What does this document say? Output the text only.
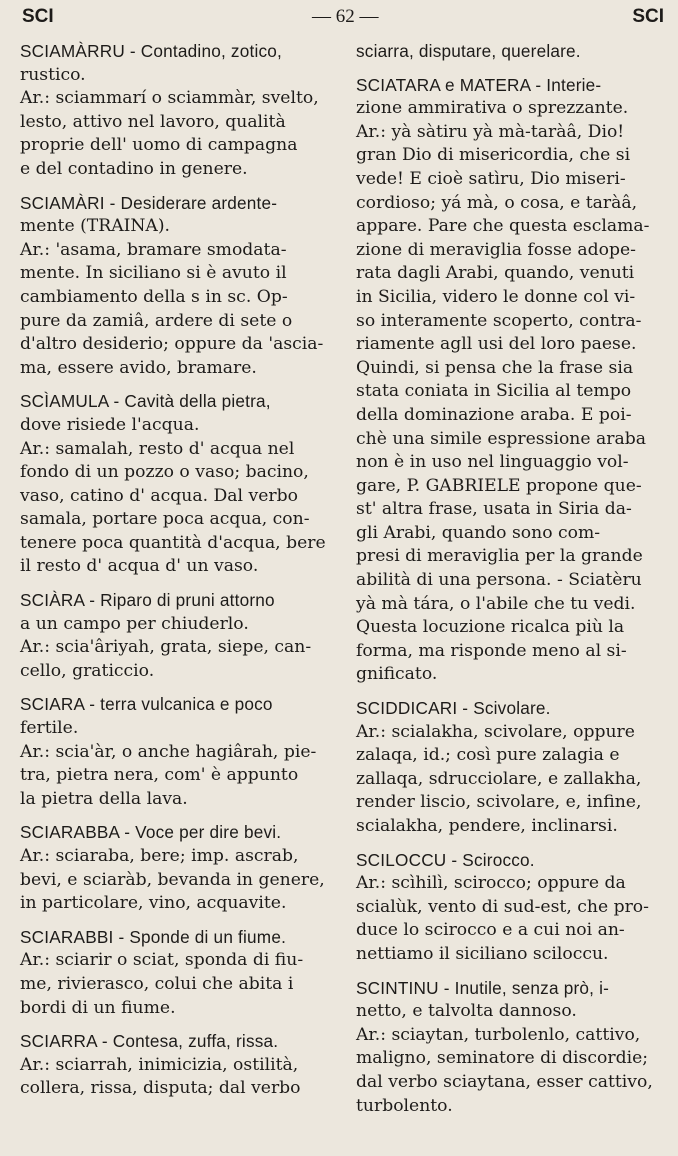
SCI	— 62 —	SCI
SCIAMÀRRU - Contadino, zotico,
rustico.
Ar.: sciammarí o sciammàr, svelto,
lesto, attivo nel lavoro, qualità
proprie dell' uomo di campagna
e del contadino in genere.
SCIAMÀRI - Desiderare ardente-
mente (TRAINA).
Ar.: 'asama, bramare smodata-
mente. In siciliano si è avuto il
cambiamento della s in sc. Op-
pure da zamiâ, ardere di sete o
d'altro desiderio; oppure da 'ascia-
ma, essere avido, bramare.
SCÌAMULA - Cavità della pietra,
dove risiede l'acqua.
Ar.: samalah, resto d' acqua nel
fondo di un pozzo o vaso; bacino,
vaso, catino d' acqua. Dal verbo
samala, portare poca acqua, con-
tenere poca quantità d'acqua, bere
il resto d' acqua d' un vaso.
SCIÀRA - Riparo di pruni attorno
a un campo per chiuderlo.
Ar.: scia'âriyah, grata, siepe, can-
cello, graticcio.
SCIARA - terra vulcanica e poco
fertile.
Ar.: scia'àr, o anche hagiârah, pie-
tra, pietra nera, com' è appunto
la pietra della lava.
SCIARABBA - Voce per dire bevi.
Ar.: sciaraba, bere; imp. ascrab,
bevi, e sciaràb, bevanda in genere,
in particolare, vino, acquavite.
SCIARABBI - Sponde di un fiume.
Ar.: sciarir o sciat, sponda di fiu-
me, rivierasco, colui che abita i
bordi di un fiume.
SCIARRA - Contesa, zuffa, rissa.
Ar.: sciarrah, inimicizia, ostilità,
collera, rissa, disputa; dal verbo
sciarra, disputare, querelare.
SCIATARA e MATERA - Interie-
zione ammirativa o sprezzante.
Ar.: yà sàtiru yà mà-taràâ, Dio!
gran Dio di misericordia, che si
vede! E cioè satìru, Dio miseri-
cordioso; yá mà, o cosa, e taràâ,
appare. Pare che questa esclama-
zione di meraviglia fosse adope-
rata dagli Arabi, quando, venuti
in Sicilia, videro le donne col vi-
so interamente scoperto, contra-
riamente agll usi del loro paese.
Quindi, si pensa che la frase sia
stata coniata in Sicilia al tempo
della dominazione araba. E poi-
chè una simile espressione araba
non è in uso nel linguaggio vol-
gare, P. GABRIELE propone que-
st' altra frase, usata in Siria da-
gli Arabi, quando sono com-
presi di meraviglia per la grande
abilità di una persona. - Sciatèru
yà mà tára, o l'abile che tu vedi.
Questa locuzione ricalca più la
forma, ma risponde meno al si-
gnificato.
SCIDDICARI - Scivolare.
Ar.: scialakha, scivolare, oppure
zalaqa, id.; così pure zalagia e
zallaqa, sdrucciolare, e zallakha,
render liscio, scivolare, e, infine,
scialakha, pendere, inclinarsi.
SCILOCCU - Scirocco.
Ar.: scìhilì, scirocco; oppure da
scialùk, vento di sud-est, che pro-
duce lo scirocco e a cui noi an-
nettiamo il siciliano sciloccu.
SCINTINU - Inutile, senza prò, i-
netto, e talvolta dannoso.
Ar.: sciaytan, turbolenlo, cattivo,
maligno, seminatore di discordie;
dal verbo sciaytana, esser cattivo,
turbolento.
